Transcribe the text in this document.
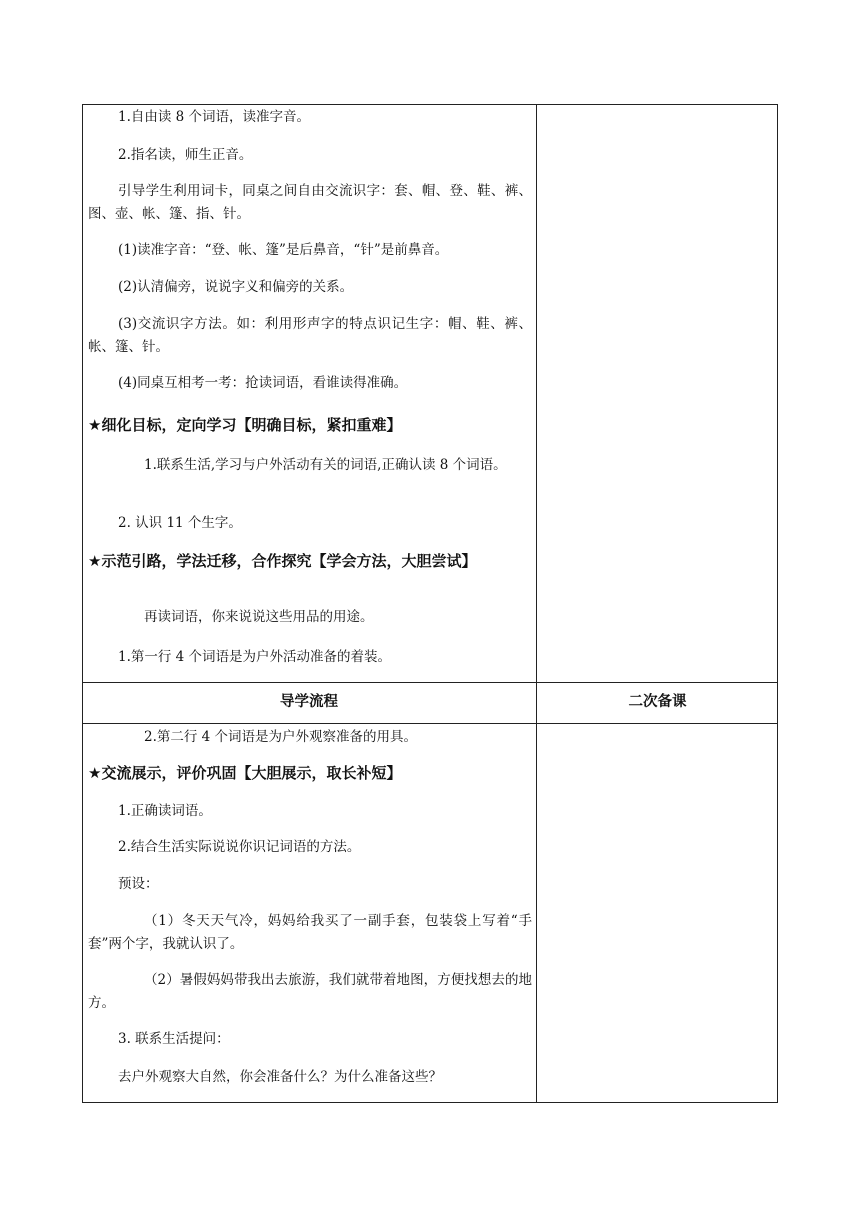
1.自由读 8 个词语，读准字音。
2.指名读，师生正音。
引导学生利用词卡，同桌之间自由交流识字：套、帽、登、鞋、裤、图、壶、帐、篷、指、针。
(1)读准字音：“登、帐、篷”是后鼻音，“针”是前鼻音。
(2)认清偏旁，说说字义和偏旁的关系。
(3)交流识字方法。如：利用形声字的特点识记生字：帽、鞋、裤、帐、篷、针。
(4)同桌互相考一考：抢读词语，看谁读得准确。
★细化目标，定向学习【明确目标，紧扣重难】
1.联系生活,学习与户外活动有关的词语,正确认读 8 个词语。
2. 认识 11 个生字。
★示范引路，学法迁移，合作探究【学会方法，大胆尝试】
再读词语，你来说说这些用品的用途。
1.第一行 4 个词语是为户外活动准备的着装。
导学流程	二次备课
2.第二行 4 个词语是为户外观察准备的用具。
★交流展示，评价巩固【大胆展示，取长补短】
1.正确读词语。
2.结合生活实际说说你识记词语的方法。
预设：
（1）冬天天气冷，妈妈给我买了一副手套，包装袋上写着“手套”两个字，我就认识了。
（2）暑假妈妈带我出去旅游，我们就带着地图，方便找想去的地方。
3. 联系生活提问：
去户外观察大自然，你会准备什么？为什么准备这些？
